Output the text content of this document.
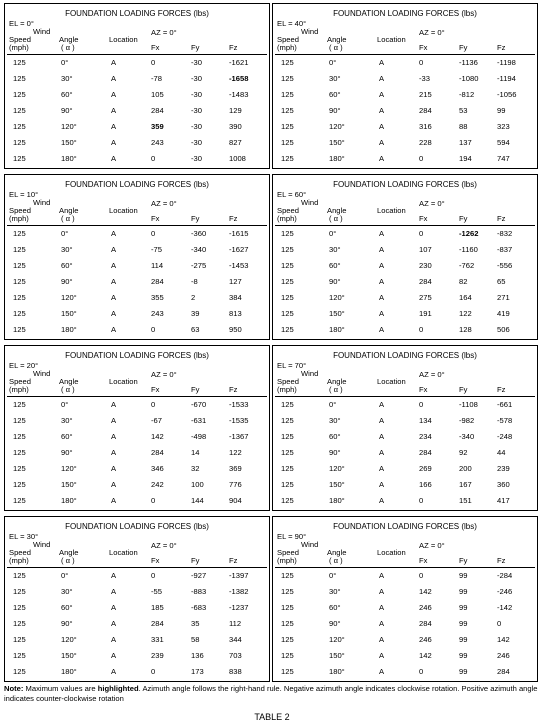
FOUNDATION LOADING FORCES (lbs)
EL = 0°
AZ = 0°
Wind
Speed	Angle	Location
(mph)	( α )	Fx	Fy	Fz
125	0°	A	0	-30	-1621
125	30°	A	-78	-30	-1658
125	60°	A	105	-30	-1483
125	90°	A	284	-30	129
125	120°	A	359	-30	390
125	150°	A	243	-30	827
125	180°	A	0	-30	1008
FOUNDATION LOADING FORCES (lbs)
EL = 40°
AZ = 0°
Wind
Speed	Angle	Location
(mph)	( α )	Fx	Fy	Fz
125	0°	A	0	-1136	-1198
125	30°	A	-33	-1080 -1194
125	60°	A	215	-812	-1056
125	90°	A	284	53	99
125	120°	A	316	88	323
125	150°	A	228	137	594
125	180°	A	0	194	747
FOUNDATION LOADING FORCES (lbs)
EL = 10°
AZ = 0°
Wind
Speed	Angle	Location
(mph)	( α )	Fx	Fy	Fz
125	0°	A	0	-360	-1615
125	30°	A	-75	-340	-1627
125	60°	A	114	-275	-1453
125	90°	A	284	-8	127
125	120°	A	355	2	384
125	150°	A	243	39	813
125	180°	A	0	63	950
FOUNDATION LOADING FORCES (lbs)
EL = 60°
AZ = 0°
Wind
Speed	Angle	Location
(mph)	( α )	Fx	Fy	Fz
125	0°	A	0	-1262 -832
125	30°	A	107	-1160	-837
125	60°	A	230	-762	-556
125	90°	A	284	82	65
125	120°	A	275	164	271
125	150°	A	191	122	419
125	180°	A	0	128	506
FOUNDATION LOADING FORCES (lbs)
EL = 20°
AZ = 0°
Wind
Speed	Angle	Location
(mph)	( α )	Fx	Fy	Fz
125	0°	A	0	-670	-1533
125	30°	A	-67	-631	-1535
125	60°	A	142	-498	-1367
125	90°	A	284	14	122
125	120°	A	346	32	369
125	150°	A	242	100	776
125	180°	A	0	144	904
FOUNDATION LOADING FORCES (lbs)
EL = 70°
AZ = 0°
Wind
Speed	Angle	Location
(mph)	( α )	Fx	Fy	Fz
125	0°	A	0	-1108	-661
125	30°	A	134	-982	-578
125	60°	A	234	-340	-248
125	90°	A	284	92	44
125	120°	A	269	200	239
125	150°	A	166	167	360
125	180°	A	0	151	417
FOUNDATION LOADING FORCES (lbs)
EL = 30°
AZ = 0°
Wind
Speed	Angle	Location
(mph)	( α )	Fx	Fy	Fz
125	0°	A	0	-927	-1397
125	30°	A	-55	-883	-1382
125	60°	A	185	-683	-1237
125	90°	A	284	35	112
125	120°	A	331	58	344
125	150°	A	239	136	703
125	180°	A	0	173	838
FOUNDATION LOADING FORCES (lbs)
EL = 90°
AZ = 0°
Wind
Speed	Angle	Location
(mph)	( α )	Fx	Fy	Fz
125	0°	A	0	99	-284
125	30°	A	142	99	-246
125	60°	A	246	99	-142
125	90°	A	284	99	0
125	120°	A	246	99	142
125	150°	A	142	99	246
125	180°	A	0	99	284
Note: Maximum values are highlighted. Azimuth angle follows the right-hand rule. Negative azimuth angle indicates clockwise rotation. Positive azimuth angle indicates counter-clockwise rotation
TABLE 2
